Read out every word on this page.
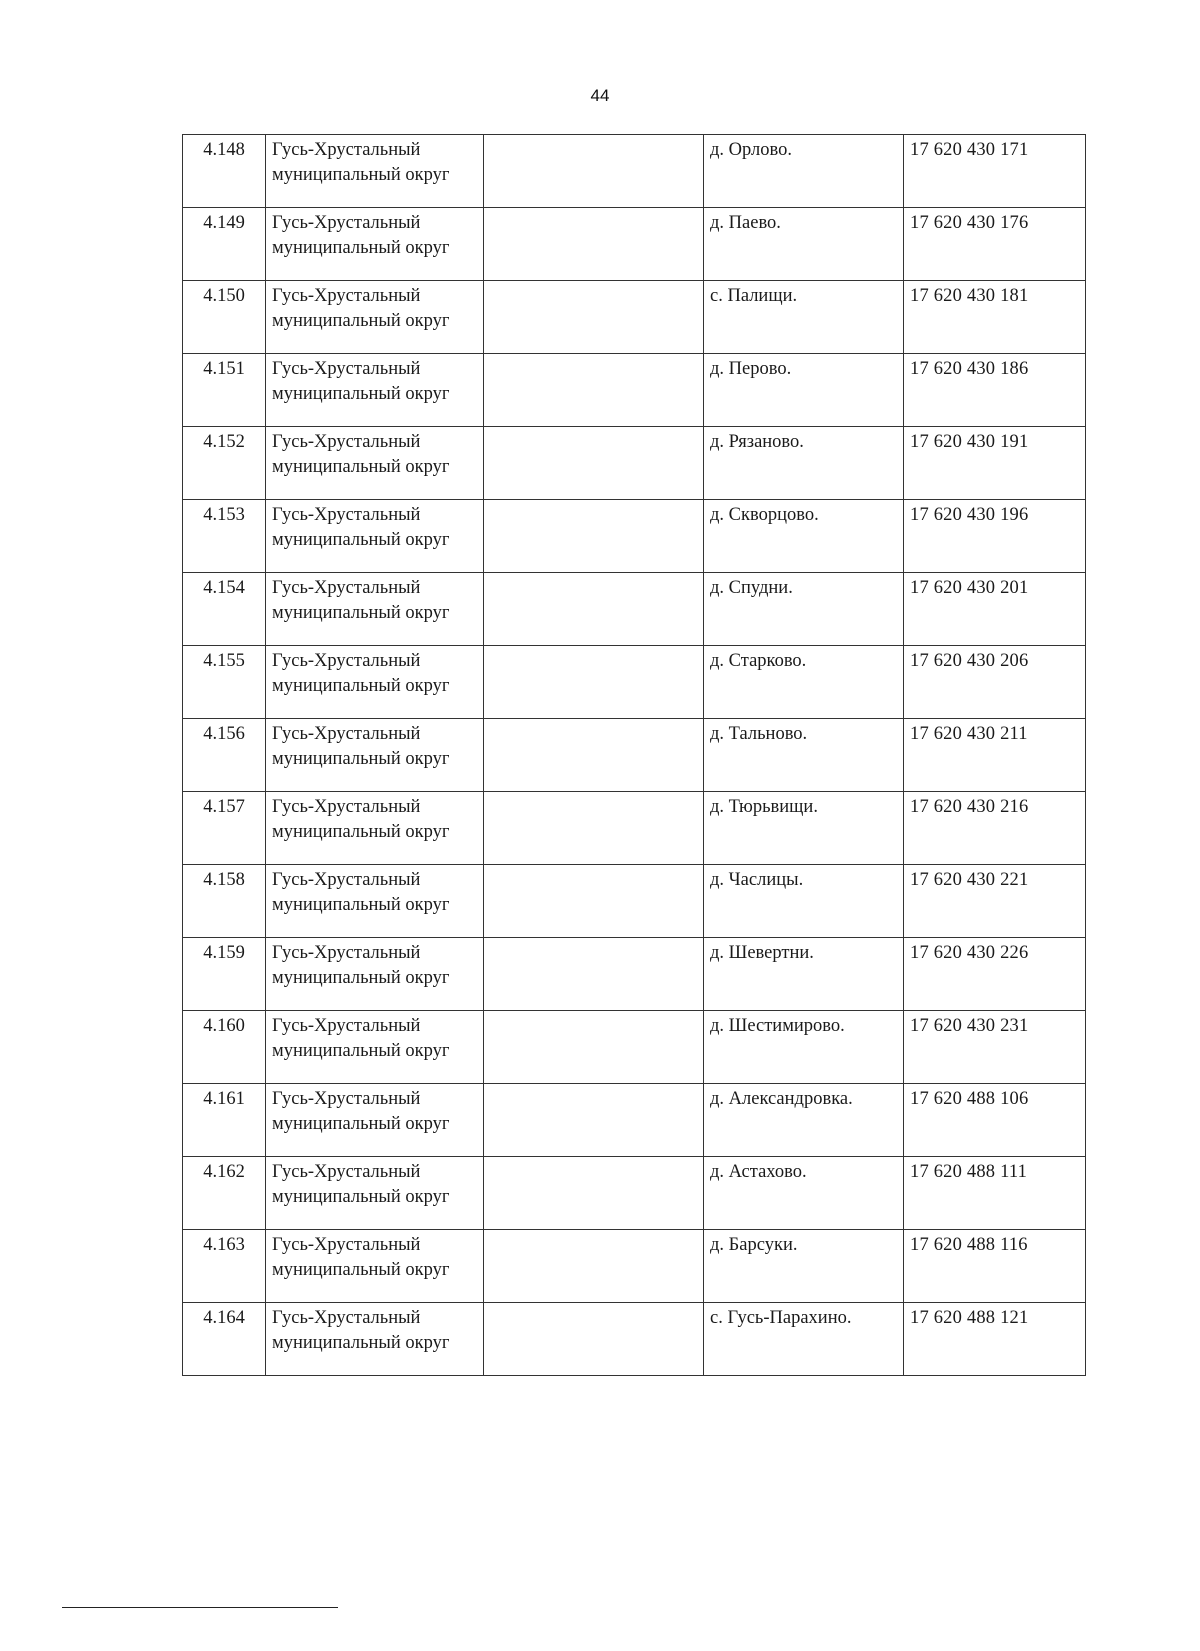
44
4.148	Гусь-Хрустальный муниципальный округ		д. Орлово.	17 620 430 171
4.149	Гусь-Хрустальный муниципальный округ		д. Паево.	17 620 430 176
4.150	Гусь-Хрустальный муниципальный округ		с. Палищи.	17 620 430 181
4.151	Гусь-Хрустальный муниципальный округ		д. Перово.	17 620 430 186
4.152	Гусь-Хрустальный муниципальный округ		д. Рязаново.	17 620 430 191
4.153	Гусь-Хрустальный муниципальный округ		д. Скворцово.	17 620 430 196
4.154	Гусь-Хрустальный муниципальный округ		д. Спудни.	17 620 430 201
4.155	Гусь-Хрустальный муниципальный округ		д. Старково.	17 620 430 206
4.156	Гусь-Хрустальный муниципальный округ		д. Тальново.	17 620 430 211
4.157	Гусь-Хрустальный муниципальный округ		д. Тюрьвищи.	17 620 430 216
4.158	Гусь-Хрустальный муниципальный округ		д. Часлицы.	17 620 430 221
4.159	Гусь-Хрустальный муниципальный округ		д. Шевертни.	17 620 430 226
4.160	Гусь-Хрустальный муниципальный округ		д. Шестимирово.	17 620 430 231
4.161	Гусь-Хрустальный муниципальный округ		д. Александровка.	17 620 488 106
4.162	Гусь-Хрустальный муниципальный округ		д. Астахово.	17 620 488 111
4.163	Гусь-Хрустальный муниципальный округ		д. Барсуки.	17 620 488 116
4.164	Гусь-Хрустальный муниципальный округ		с. Гусь-Парахино.	17 620 488 121
